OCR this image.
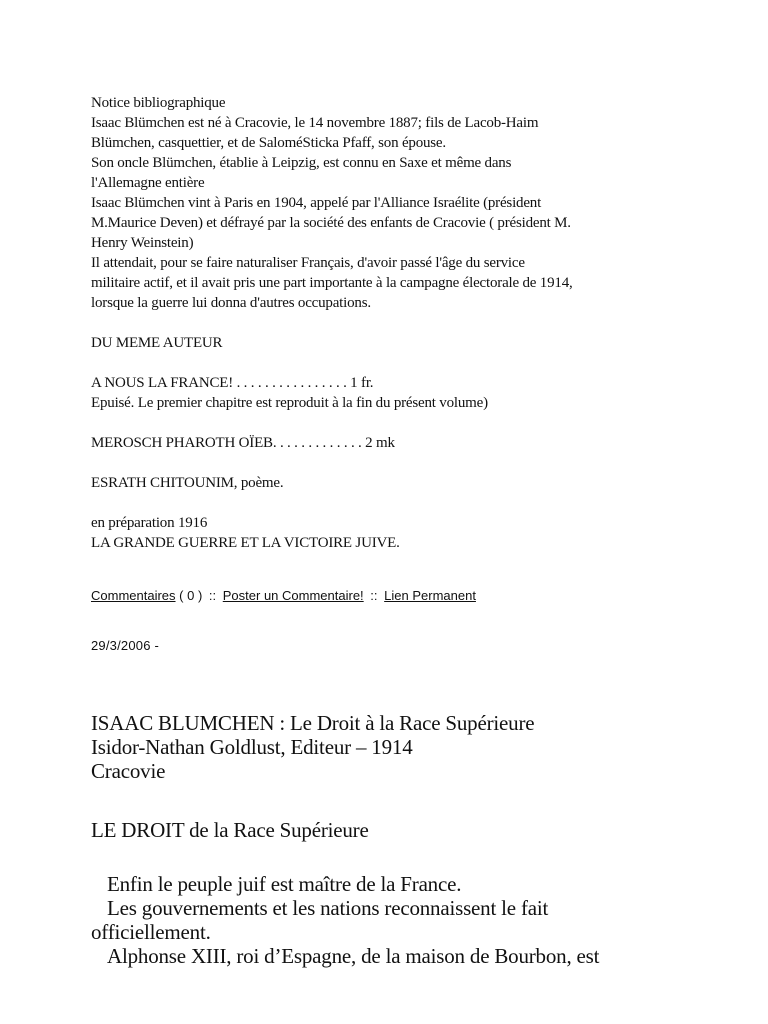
Notice bibliographique

Isaac Blümchen est né à Cracovie, le 14 novembre 1887; fils de Lacob-Haim

Blümchen, casquettier, et de SaloméSticka Pfaff, son épouse.

Son oncle Blümchen, établie à Leipzig, est connu en Saxe et même dans

l'Allemagne entière

Isaac Blümchen vint à Paris en 1904, appelé par l'Alliance Israélite (président

M.Maurice Deven) et défrayé par la société des enfants de Cracovie ( président M.

Henry Weinstein)

Il attendait, pour se faire naturaliser Français, d'avoir passé l'âge du service

militaire actif, et il avait pris une part importante à la campagne électorale de 1914,

lorsque la guerre lui donna d'autres occupations.

DU MEME AUTEUR

A NOUS LA FRANCE! . . . . . . . . . . . . . . . . 1 fr.

Epuisé. Le premier chapitre est reproduit à la fin du présent volume)

MEROSCH PHAROTH OÏEB. . . . . . . . . . . . . 2 mk

ESRATH CHITOUNIM, poème.

en préparation 1916

LA GRANDE GUERRE ET LA VICTOIRE JUIVE.

Commentaires ( 0 ) :: Poster un Commentaire! :: Lien Permanent
29/3/2006 -

ISAAC BLUMCHEN : Le Droit à la Race Supérieure

Isidor-Nathan Goldlust, Editeur – 1914

Cracovie

LE DROIT de la Race Supérieure

Enfin le peuple juif est maître de la France.

Les gouvernements et les nations reconnaissent le fait

officiellement.

Alphonse XIII, roi d’Espagne, de la maison de Bourbon, est
